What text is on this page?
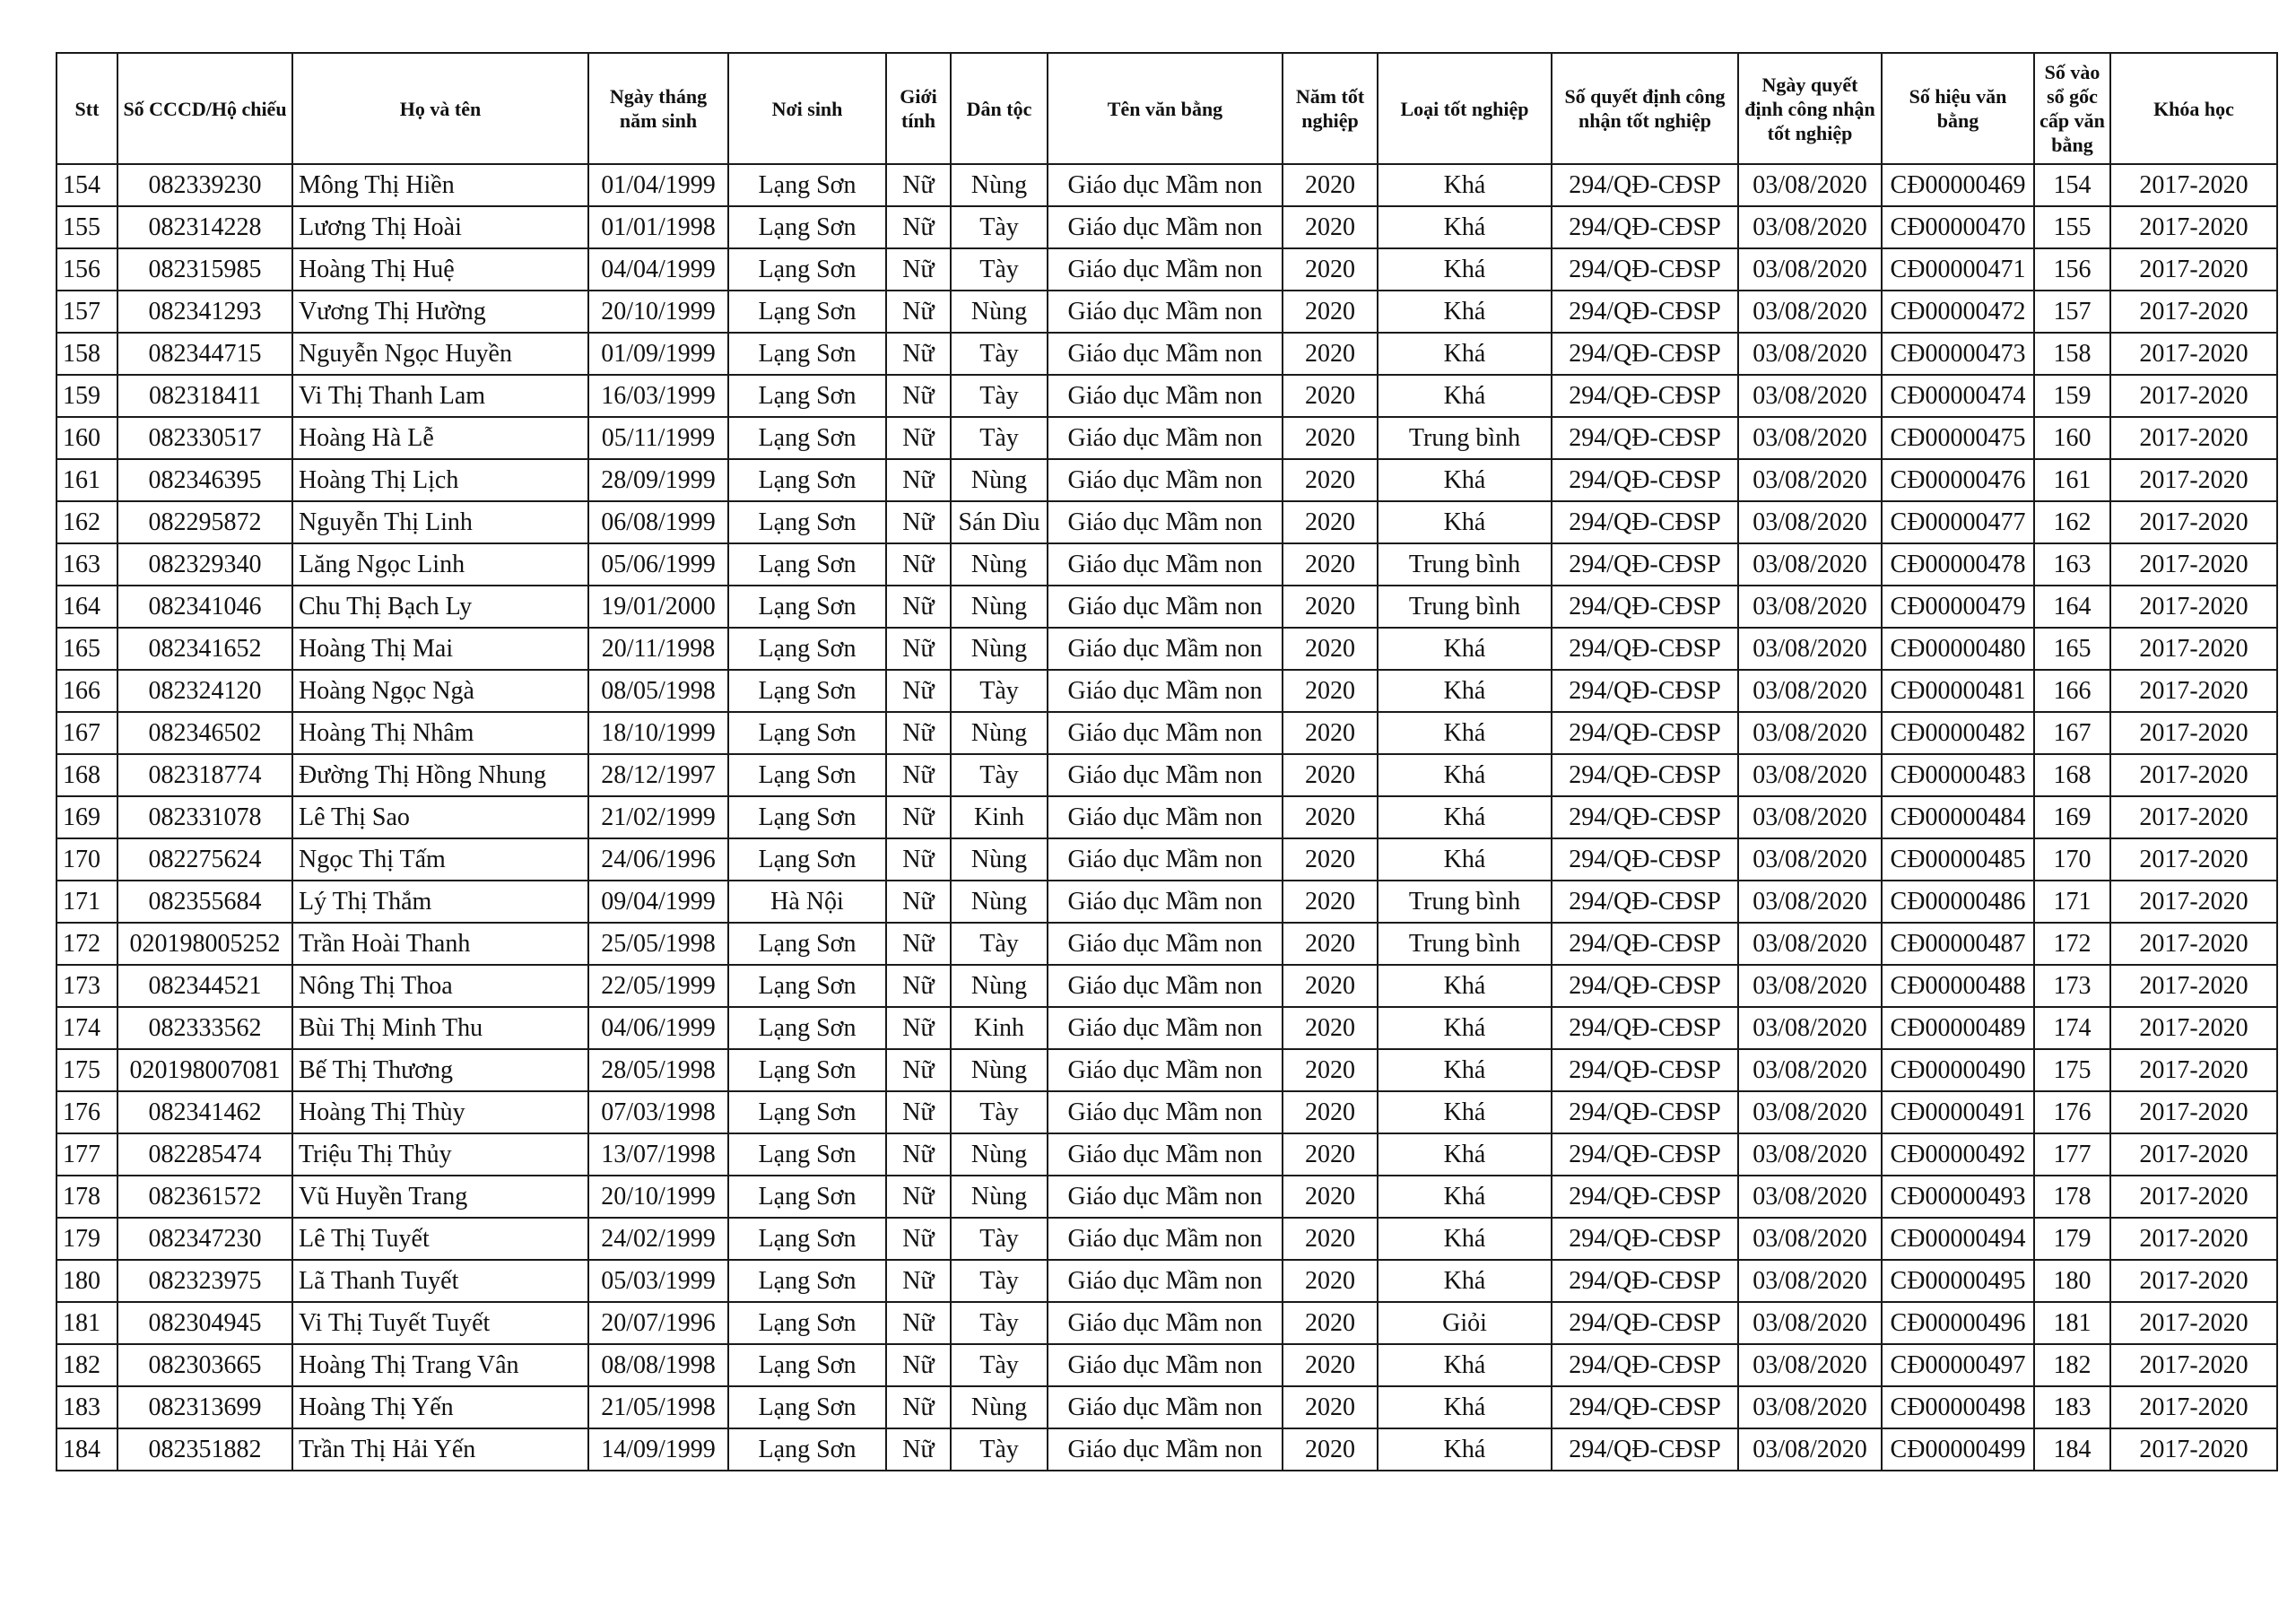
Stt	Số CCCD/Hộ chiếu	Họ và tên	Ngày tháng năm sinh	Nơi sinh	Giới tính	Dân tộc	Tên văn bằng	Năm tốt nghiệp	Loại tốt nghiệp	Số quyết định công nhận tốt nghiệp	Ngày quyết định công nhận tốt nghiệp	Số hiệu văn bằng	Số vào sổ gốc cấp văn bằng	Khóa học
154	082339230	Mông Thị Hiền	01/04/1999	Lạng Sơn	Nữ	Nùng	Giáo dục Mầm non	2020	Khá	294/QĐ-CĐSP	03/08/2020	CĐ00000469	154	2017-2020
155	082314228	Lương Thị Hoài	01/01/1998	Lạng Sơn	Nữ	Tày	Giáo dục Mầm non	2020	Khá	294/QĐ-CĐSP	03/08/2020	CĐ00000470	155	2017-2020
156	082315985	Hoàng Thị Huệ	04/04/1999	Lạng Sơn	Nữ	Tày	Giáo dục Mầm non	2020	Khá	294/QĐ-CĐSP	03/08/2020	CĐ00000471	156	2017-2020
157	082341293	Vương Thị Hường	20/10/1999	Lạng Sơn	Nữ	Nùng	Giáo dục Mầm non	2020	Khá	294/QĐ-CĐSP	03/08/2020	CĐ00000472	157	2017-2020
158	082344715	Nguyễn Ngọc Huyền	01/09/1999	Lạng Sơn	Nữ	Tày	Giáo dục Mầm non	2020	Khá	294/QĐ-CĐSP	03/08/2020	CĐ00000473	158	2017-2020
159	082318411	Vi Thị Thanh Lam	16/03/1999	Lạng Sơn	Nữ	Tày	Giáo dục Mầm non	2020	Khá	294/QĐ-CĐSP	03/08/2020	CĐ00000474	159	2017-2020
160	082330517	Hoàng Hà Lễ	05/11/1999	Lạng Sơn	Nữ	Tày	Giáo dục Mầm non	2020	Trung bình	294/QĐ-CĐSP	03/08/2020	CĐ00000475	160	2017-2020
161	082346395	Hoàng Thị Lịch	28/09/1999	Lạng Sơn	Nữ	Nùng	Giáo dục Mầm non	2020	Khá	294/QĐ-CĐSP	03/08/2020	CĐ00000476	161	2017-2020
162	082295872	Nguyễn Thị Linh	06/08/1999	Lạng Sơn	Nữ	Sán Dìu	Giáo dục Mầm non	2020	Khá	294/QĐ-CĐSP	03/08/2020	CĐ00000477	162	2017-2020
163	082329340	Lăng Ngọc Linh	05/06/1999	Lạng Sơn	Nữ	Nùng	Giáo dục Mầm non	2020	Trung bình	294/QĐ-CĐSP	03/08/2020	CĐ00000478	163	2017-2020
164	082341046	Chu Thị Bạch Ly	19/01/2000	Lạng Sơn	Nữ	Nùng	Giáo dục Mầm non	2020	Trung bình	294/QĐ-CĐSP	03/08/2020	CĐ00000479	164	2017-2020
165	082341652	Hoàng Thị Mai	20/11/1998	Lạng Sơn	Nữ	Nùng	Giáo dục Mầm non	2020	Khá	294/QĐ-CĐSP	03/08/2020	CĐ00000480	165	2017-2020
166	082324120	Hoàng Ngọc Ngà	08/05/1998	Lạng Sơn	Nữ	Tày	Giáo dục Mầm non	2020	Khá	294/QĐ-CĐSP	03/08/2020	CĐ00000481	166	2017-2020
167	082346502	Hoàng Thị Nhâm	18/10/1999	Lạng Sơn	Nữ	Nùng	Giáo dục Mầm non	2020	Khá	294/QĐ-CĐSP	03/08/2020	CĐ00000482	167	2017-2020
168	082318774	Đường Thị Hồng Nhung	28/12/1997	Lạng Sơn	Nữ	Tày	Giáo dục Mầm non	2020	Khá	294/QĐ-CĐSP	03/08/2020	CĐ00000483	168	2017-2020
169	082331078	Lê Thị Sao	21/02/1999	Lạng Sơn	Nữ	Kinh	Giáo dục Mầm non	2020	Khá	294/QĐ-CĐSP	03/08/2020	CĐ00000484	169	2017-2020
170	082275624	Ngọc Thị Tấm	24/06/1996	Lạng Sơn	Nữ	Nùng	Giáo dục Mầm non	2020	Khá	294/QĐ-CĐSP	03/08/2020	CĐ00000485	170	2017-2020
171	082355684	Lý Thị Thắm	09/04/1999	Hà Nội	Nữ	Nùng	Giáo dục Mầm non	2020	Trung bình	294/QĐ-CĐSP	03/08/2020	CĐ00000486	171	2017-2020
172	020198005252	Trần Hoài Thanh	25/05/1998	Lạng Sơn	Nữ	Tày	Giáo dục Mầm non	2020	Trung bình	294/QĐ-CĐSP	03/08/2020	CĐ00000487	172	2017-2020
173	082344521	Nông Thị Thoa	22/05/1999	Lạng Sơn	Nữ	Nùng	Giáo dục Mầm non	2020	Khá	294/QĐ-CĐSP	03/08/2020	CĐ00000488	173	2017-2020
174	082333562	Bùi Thị Minh Thu	04/06/1999	Lạng Sơn	Nữ	Kinh	Giáo dục Mầm non	2020	Khá	294/QĐ-CĐSP	03/08/2020	CĐ00000489	174	2017-2020
175	020198007081	Bế Thị Thương	28/05/1998	Lạng Sơn	Nữ	Nùng	Giáo dục Mầm non	2020	Khá	294/QĐ-CĐSP	03/08/2020	CĐ00000490	175	2017-2020
176	082341462	Hoàng Thị Thùy	07/03/1998	Lạng Sơn	Nữ	Tày	Giáo dục Mầm non	2020	Khá	294/QĐ-CĐSP	03/08/2020	CĐ00000491	176	2017-2020
177	082285474	Triệu Thị Thủy	13/07/1998	Lạng Sơn	Nữ	Nùng	Giáo dục Mầm non	2020	Khá	294/QĐ-CĐSP	03/08/2020	CĐ00000492	177	2017-2020
178	082361572	Vũ Huyền Trang	20/10/1999	Lạng Sơn	Nữ	Nùng	Giáo dục Mầm non	2020	Khá	294/QĐ-CĐSP	03/08/2020	CĐ00000493	178	2017-2020
179	082347230	Lê Thị Tuyết	24/02/1999	Lạng Sơn	Nữ	Tày	Giáo dục Mầm non	2020	Khá	294/QĐ-CĐSP	03/08/2020	CĐ00000494	179	2017-2020
180	082323975	Lã Thanh Tuyết	05/03/1999	Lạng Sơn	Nữ	Tày	Giáo dục Mầm non	2020	Khá	294/QĐ-CĐSP	03/08/2020	CĐ00000495	180	2017-2020
181	082304945	Vi Thị Tuyết Tuyết	20/07/1996	Lạng Sơn	Nữ	Tày	Giáo dục Mầm non	2020	Giỏi	294/QĐ-CĐSP	03/08/2020	CĐ00000496	181	2017-2020
182	082303665	Hoàng Thị Trang Vân	08/08/1998	Lạng Sơn	Nữ	Tày	Giáo dục Mầm non	2020	Khá	294/QĐ-CĐSP	03/08/2020	CĐ00000497	182	2017-2020
183	082313699	Hoàng Thị Yến	21/05/1998	Lạng Sơn	Nữ	Nùng	Giáo dục Mầm non	2020	Khá	294/QĐ-CĐSP	03/08/2020	CĐ00000498	183	2017-2020
184	082351882	Trần Thị Hải Yến	14/09/1999	Lạng Sơn	Nữ	Tày	Giáo dục Mầm non	2020	Khá	294/QĐ-CĐSP	03/08/2020	CĐ00000499	184	2017-2020
